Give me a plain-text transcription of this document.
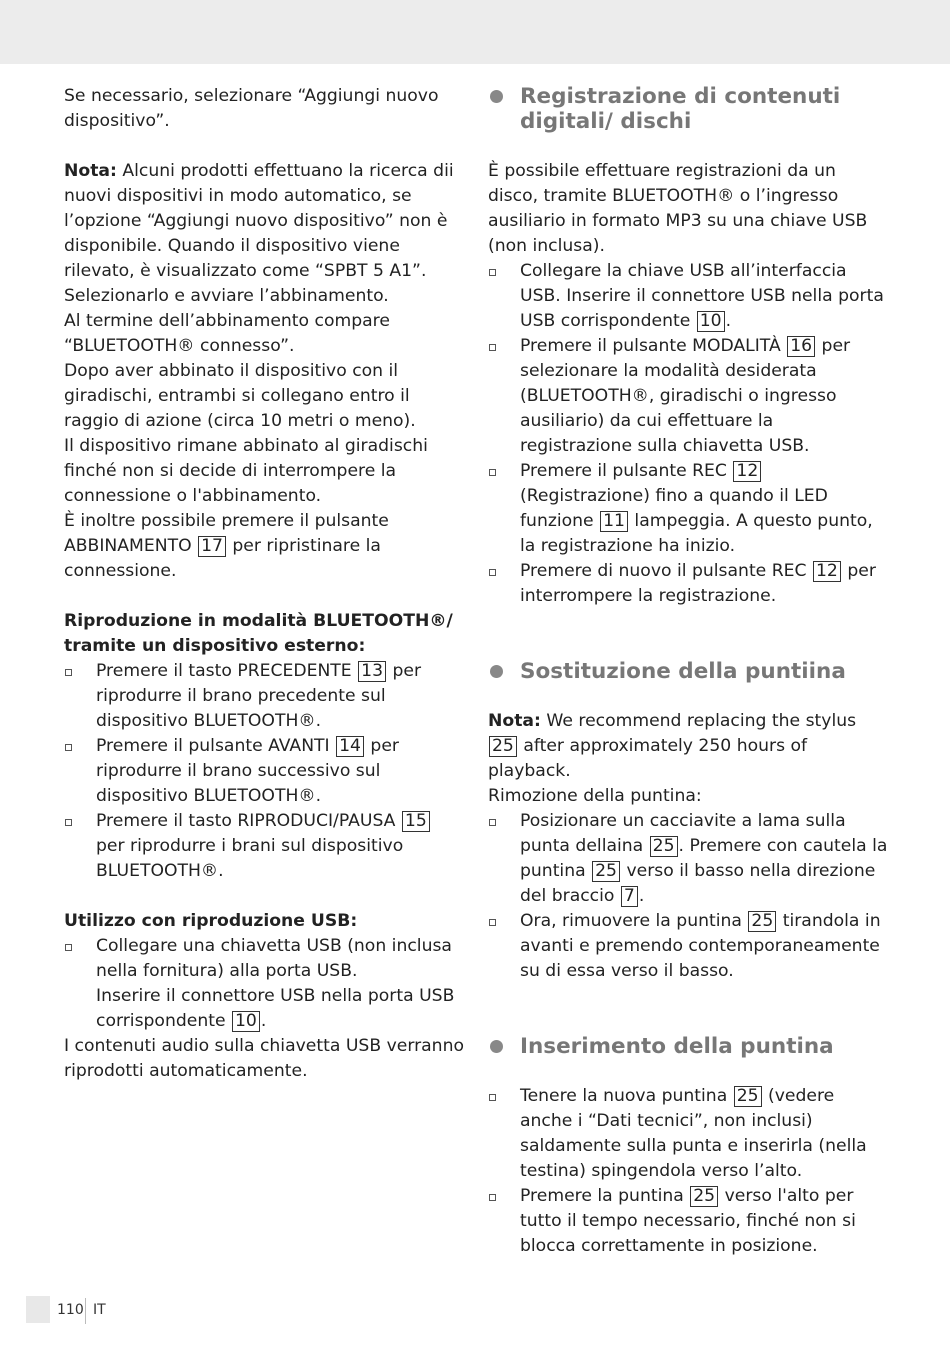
Se necessario, selezionare “Aggiungi nuovo dispositivo”.

Nota: Alcuni prodotti effettuano la ricerca dii nuovi dispositivi in modo automatico, se l’opzione “Aggiungi nuovo dispositivo” non è disponibile. Quando il dispositivo viene rilevato, è visualizzato come “SPBT 5 A1”. Selezionarlo e avviare l’abbinamento.

Al termine dell’abbinamento compare “BLUETOOTH® connesso”.

Dopo aver abbinato il dispositivo con il giradischi, entrambi si collegano entro il raggio di azione (circa 10 metri o meno).

Il dispositivo rimane abbinato al giradischi finché non si decide di interrompere la connessione o l'abbinamento.

È inoltre possibile premere il pulsante ABBINAMENTO 17 per ripristinare la connessione.

Riproduzione in modalità BLUETOOTH®/ tramite un dispositivo esterno:

Premere il tasto PRECEDENTE 13 per riprodurre il brano precedente sul dispositivo BLUETOOTH®.
Premere il pulsante AVANTI 14 per riprodurre il brano successivo sul dispositivo BLUETOOTH®.
Premere il tasto RIPRODUCI/PAUSA 15 per riprodurre i brani sul dispositivo BLUETOOTH®.

Utilizzo con riproduzione USB:

Collegare una chiavetta USB (non inclusa nella fornitura) alla porta USB.
Inserire il connettore USB nella porta USB corrispondente 10 .

I contenuti audio sulla chiavetta USB verranno riprodotti automaticamente.

Registrazione di contenuti digitali/ dischi

È possibile effettuare registrazioni da un disco, tramite BLUETOOTH® o l’ingresso ausiliario in formato MP3 su una chiave USB (non inclusa).

Collegare la chiave USB all’interfaccia USB. Inserire il connettore USB nella porta USB corrispondente 10 .
Premere il pulsante MODALITÀ 16 per selezionare la modalità desiderata (BLUETOOTH®, giradischi o ingresso ausiliario) da cui effettuare la registrazione sulla chiavetta USB.
Premere il pulsante REC 12 (Registrazione) fino a quando il LED funzione 11 lampeggia. A questo punto, la registrazione ha inizio.
Premere di nuovo il pulsante REC 12 per interrompere la registrazione.
Sostituzione della puntiina

Nota: We recommend replacing the stylus 25 after approximately 250 hours of playback.

Rimozione della puntina:

Posizionare un cacciavite a lama sulla punta dellaina 25 . Premere con cautela la puntina 25 verso il basso nella direzione del braccio 7 .
Ora, rimuovere la puntina 25 tirandola in avanti e premendo contemporaneamente su di essa verso il basso.
Inserimento della puntina
Tenere la nuova puntina 25 (vedere anche i “Dati tecnici”, non inclusi) saldamente sulla punta e inserirla (nella testina) spingendola verso l’alto.
Premere la puntina 25 verso l'alto per tutto il tempo necessario, finché non si blocca correttamente in posizione.
110 IT
